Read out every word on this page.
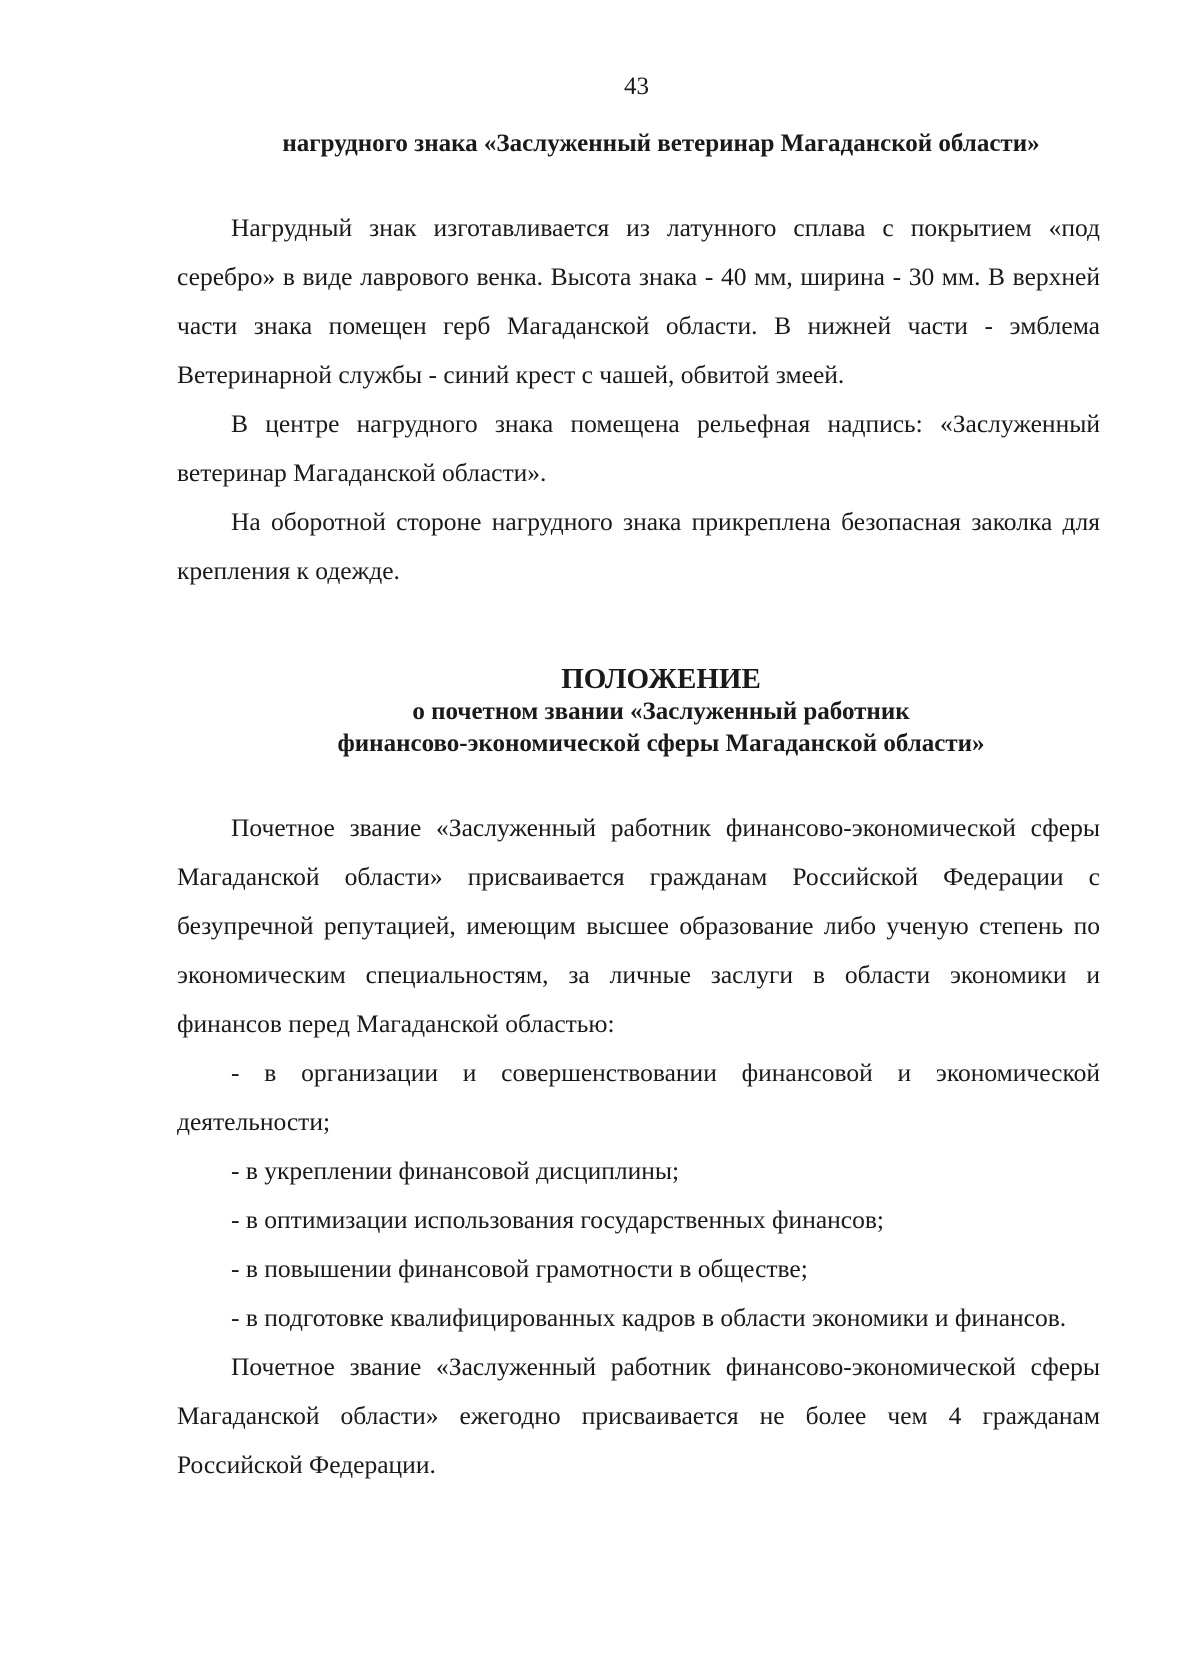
43
нагрудного знака «Заслуженный ветеринар Магаданской области»

Нагрудный знак изготавливается из латунного сплава с покрытием «под серебро» в виде лаврового венка. Высота знака - 40 мм, ширина - 30 мм. В верхней части знака помещен герб Магаданской области. В нижней части - эмблема Ветеринарной службы - синий крест с чашей, обвитой змеей.

В центре нагрудного знака помещена рельефная надпись: «Заслуженный ветеринар Магаданской области».

На оборотной стороне нагрудного знака прикреплена безопасная заколка для крепления к одежде.

ПОЛОЖЕНИЕ
о почетном звании «Заслуженный работник
финансово-экономической сферы Магаданской области»

Почетное звание «Заслуженный работник финансово-экономической сферы Магаданской области» присваивается гражданам Российской Федерации с безупречной репутацией, имеющим высшее образование либо ученую степень по экономическим специальностям, за личные заслуги в области экономики и финансов перед Магаданской областью:

- в организации и совершенствовании финансовой и экономической деятельности;

- в укреплении финансовой дисциплины;

- в оптимизации использования государственных финансов;

- в повышении финансовой грамотности в обществе;

- в подготовке квалифицированных кадров в области экономики и финансов.

Почетное звание «Заслуженный работник финансово-экономической сферы Магаданской области» ежегодно присваивается не более чем 4 гражданам Российской Федерации.
